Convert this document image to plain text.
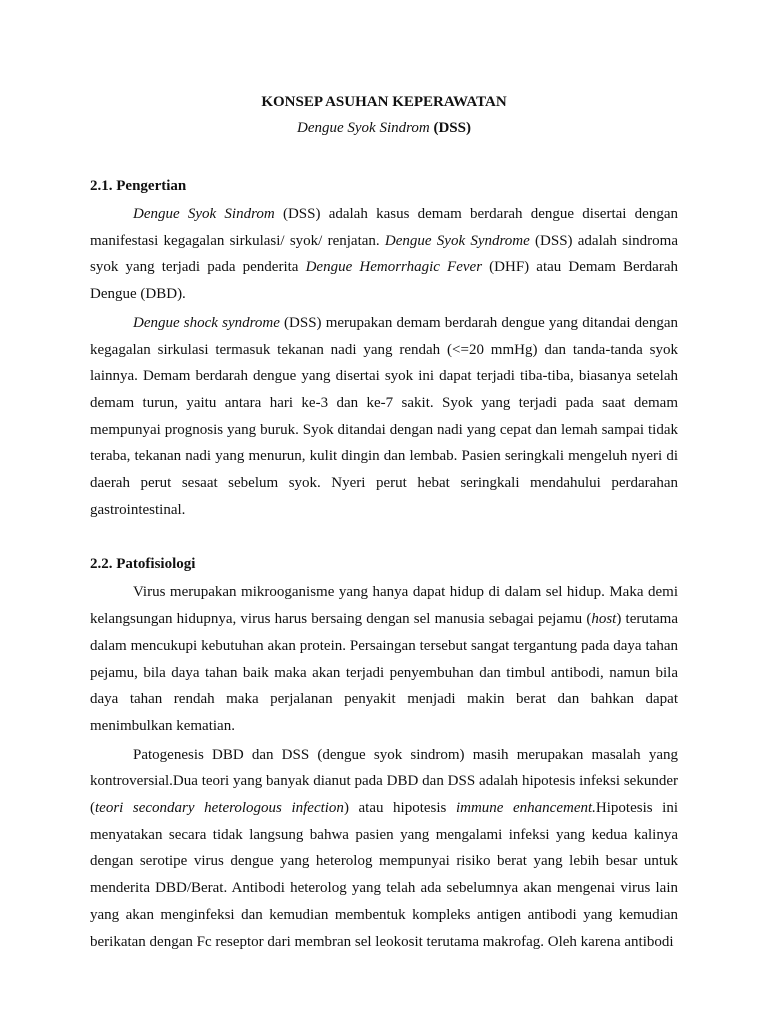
KONSEP ASUHAN KEPERAWATAN

Dengue Syok Sindrom (DSS)

2.1. Pengertian

Dengue Syok Sindrom (DSS) adalah kasus demam berdarah dengue disertai dengan manifestasi kegagalan sirkulasi/ syok/ renjatan. Dengue Syok Syndrome (DSS) adalah sindroma syok yang terjadi pada penderita Dengue Hemorrhagic Fever (DHF) atau Demam Berdarah Dengue (DBD).

Dengue shock syndrome (DSS) merupakan demam berdarah dengue yang ditandai dengan kegagalan sirkulasi termasuk tekanan nadi yang rendah (<=20 mmHg) dan tanda-tanda syok lainnya. Demam berdarah dengue yang disertai syok ini dapat terjadi tiba-tiba, biasanya setelah demam turun, yaitu antara hari ke-3 dan ke-7 sakit. Syok yang terjadi pada saat demam mempunyai prognosis yang buruk. Syok ditandai dengan nadi yang cepat dan lemah sampai tidak teraba, tekanan nadi yang menurun, kulit dingin dan lembab. Pasien seringkali mengeluh nyeri di daerah perut sesaat sebelum syok. Nyeri perut hebat seringkali mendahului perdarahan gastrointestinal.

2.2. Patofisiologi

Virus merupakan mikrooganisme yang hanya dapat hidup di dalam sel hidup. Maka demi kelangsungan hidupnya, virus harus bersaing dengan sel manusia sebagai pejamu (host) terutama dalam mencukupi kebutuhan akan protein. Persaingan tersebut sangat tergantung pada daya tahan pejamu, bila daya tahan baik maka akan terjadi penyembuhan dan timbul antibodi, namun bila daya tahan rendah maka perjalanan penyakit menjadi makin berat dan bahkan dapat menimbulkan kematian.

Patogenesis DBD dan DSS (dengue syok sindrom) masih merupakan masalah yang kontroversial.Dua teori yang banyak dianut pada DBD dan DSS adalah hipotesis infeksi sekunder (teori secondary heterologous infection) atau hipotesis immune enhancement.Hipotesis ini menyatakan secara tidak langsung bahwa pasien yang mengalami infeksi yang kedua kalinya dengan serotipe virus dengue yang heterolog mempunyai risiko berat yang lebih besar untuk menderita DBD/Berat. Antibodi heterolog yang telah ada sebelumnya akan mengenai virus lain yang akan menginfeksi dan kemudian membentuk kompleks antigen antibodi yang kemudian berikatan dengan Fc reseptor dari membran sel leokosit terutama makrofag. Oleh karena antibodi
